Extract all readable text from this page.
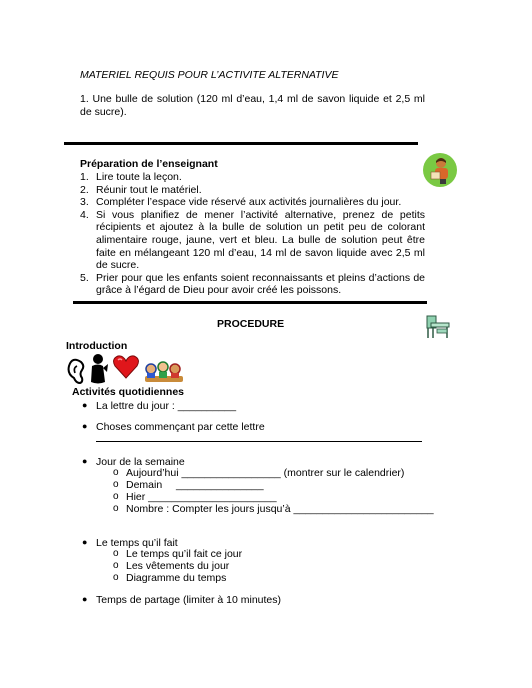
MATERIEL REQUIS POUR L’ACTIVITE ALTERNATIVE
1. Une bulle de solution (120 ml d’eau, 1,4 ml de savon liquide et 2,5 ml de sucre).
Préparation de l’enseignant
1. Lire toute la leçon.
2. Réunir tout le matériel.
3. Compléter l’espace vide réservé aux activités journalières du jour.
4. Si vous planifiez de mener l’activité alternative, prenez de petits récipients et ajoutez à la bulle de solution un petit peu de colorant alimentaire rouge, jaune, vert et bleu. La bulle de solution peut être faite en mélangeant 120 ml d’eau, 14 ml de savon liquide avec 2,5 ml de sucre.
5. Prier pour que les enfants soient reconnaissants et pleins d’actions de grâce à l’égard de Dieu pour avoir créé les poissons.
PROCEDURE
Introduction
Activités quotidiennes
● La lettre du jour : __________
● Choses commençant par cette lettre
● Jour de la semaine
o Aujourd’hui _________________ (montrer sur le calendrier)
o Demain _______________
o Hier ______________________
o Nombre : Compter les jours jusqu’à ________________________
● Le temps qu’il fait
o Le temps qu’il fait ce jour
o Les vêtements du jour
o Diagramme du temps
● Temps de partage (limiter à 10 minutes)
